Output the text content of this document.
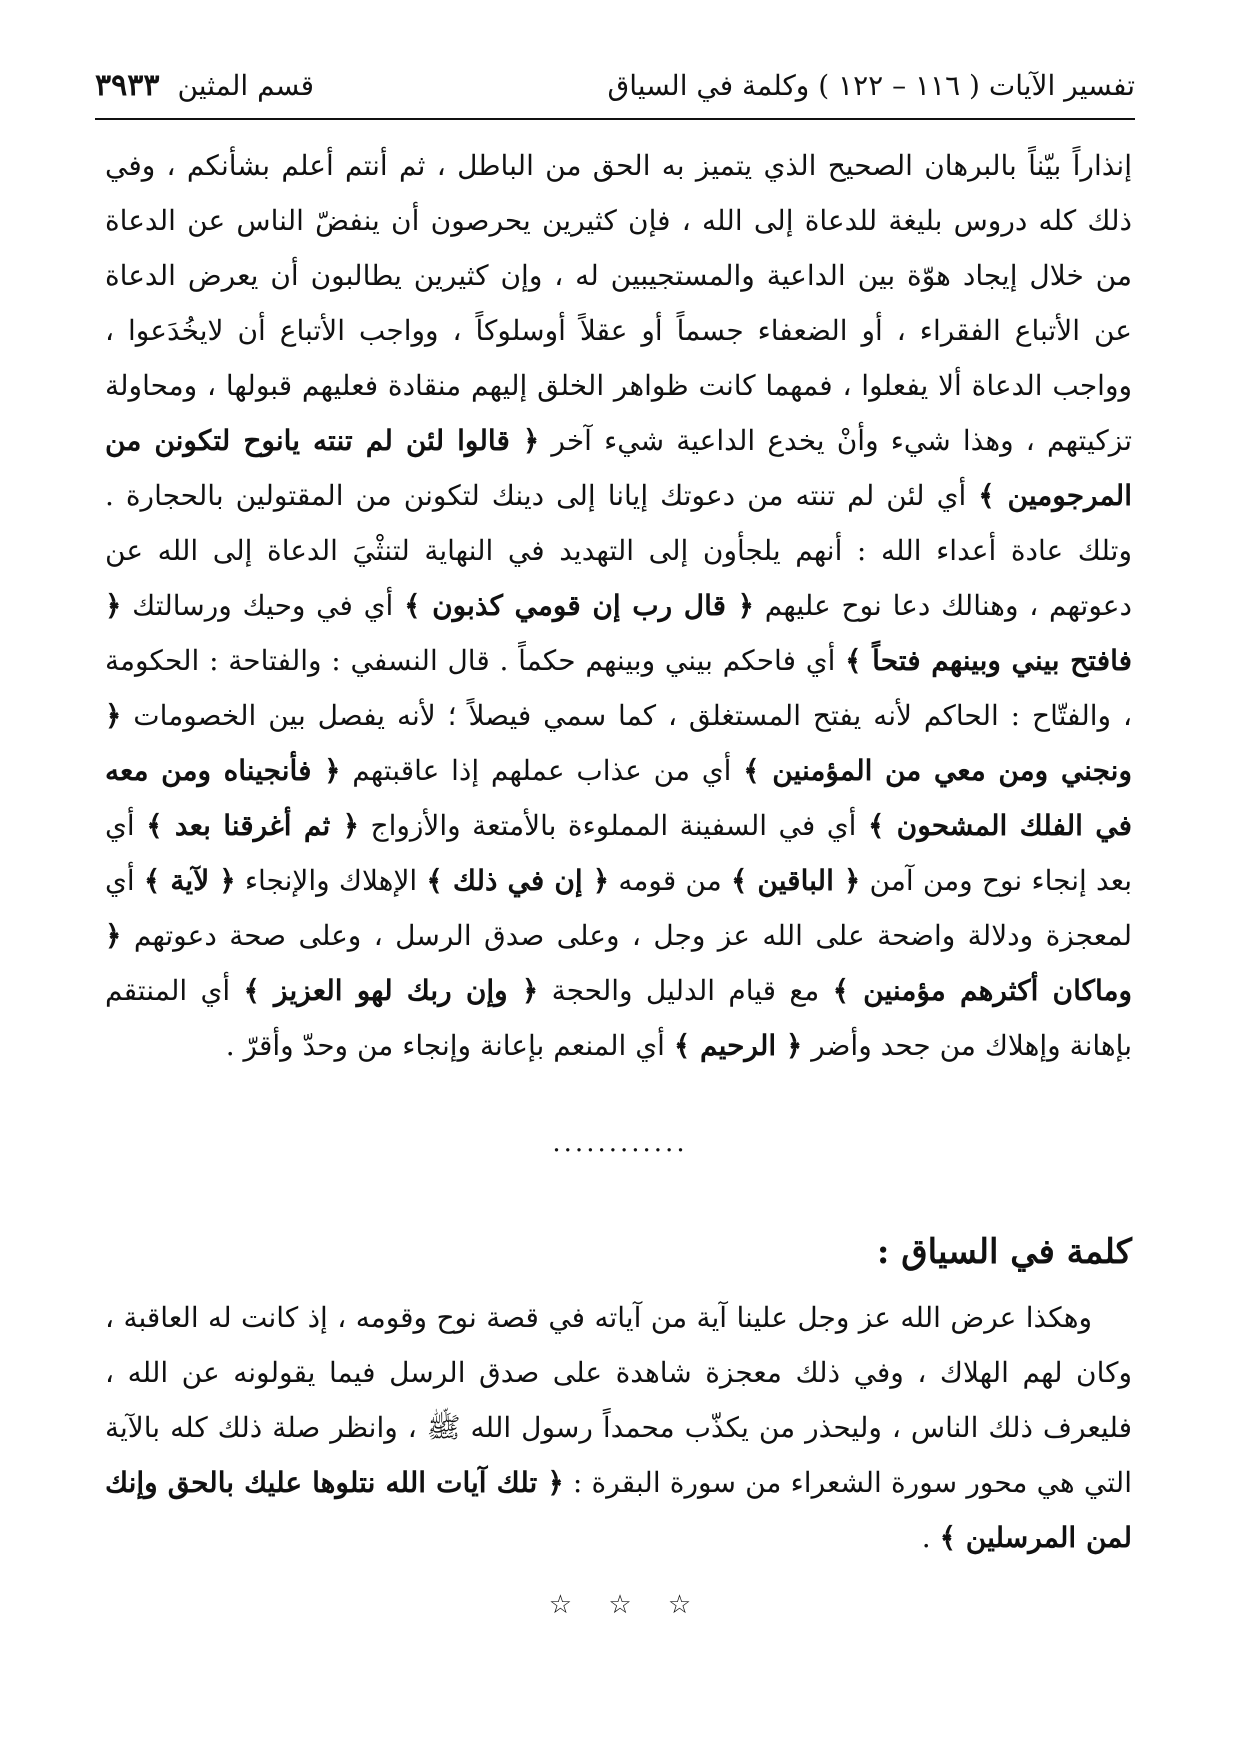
تفسير الآيات ( ١١٦ – ١٢٢ ) وكلمة في السياق
قسم المثين
٣٩٣٣

إنذاراً بيّناً بالبرهان الصحيح الذي يتميز به الحق من الباطل ، ثم أنتم أعلم بشأنكم ، وفي ذلك كله دروس بليغة للدعاة إلى الله ، فإن كثيرين يحرصون أن ينفضّ الناس عن الدعاة من خلال إيجاد هوّة بين الداعية والمستجيبين له ، وإن كثيرين يطالبون أن يعرض الدعاة عن الأتباع الفقراء ، أو الضعفاء جسماً أو عقلاً أوسلوكاً ، وواجب الأتباع أن لايخُدَعوا ، وواجب الدعاة ألا يفعلوا ، فمهما كانت ظواهر الخلق إليهم منقادة فعليهم قبولها ، ومحاولة تزكيتهم ، وهذا شيء وأنْ يخدع الداعية شيء آخر ﴿ قالوا لئن لم تنته يانوح لتكونن من المرجومين ﴾ أي لئن لم تنته من دعوتك إيانا إلى دينك لتكونن من المقتولين بالحجارة . وتلك عادة أعداء الله : أنهم يلجأون إلى التهديد في النهاية لتنثْيَ الدعاة إلى الله عن دعوتهم ، وهنالك دعا نوح عليهم ﴿ قال رب إن قومي كذبون ﴾ أي في وحيك ورسالتك ﴿ فافتح بيني وبينهم فتحاً ﴾ أي فاحكم بيني وبينهم حكماً . قال النسفي : والفتاحة : الحكومة ، والفتّاح : الحاكم لأنه يفتح المستغلق ، كما سمي فيصلاً ؛ لأنه يفصل بين الخصومات ﴿ ونجني ومن معي من المؤمنين ﴾ أي من عذاب عملهم إذا عاقبتهم ﴿ فأنجيناه ومن معه في الفلك المشحون ﴾ أي في السفينة المملوءة بالأمتعة والأزواج ﴿ ثم أغرقنا بعد ﴾ أي بعد إنجاء نوح ومن آمن ﴿ الباقين ﴾ من قومه ﴿ إن في ذلك ﴾ الإهلاك والإنجاء ﴿ لآية ﴾ أي لمعجزة ودلالة واضحة على الله عز وجل ، وعلى صدق الرسل ، وعلى صحة دعوتهم ﴿ وماكان أكثرهم مؤمنين ﴾ مع قيام الدليل والحجة ﴿ وإن ربك لهو العزيز ﴾ أي المنتقم بإهانة وإهلاك من جحد وأضر ﴿ الرحيم ﴾ أي المنعم بإعانة وإنجاء من وحدّ وأقرّ .

............
كلمة في السياق :

وهكذا عرض الله عز وجل علينا آية من آياته في قصة نوح وقومه ، إذ كانت له العاقبة ، وكان لهم الهلاك ، وفي ذلك معجزة شاهدة على صدق الرسل فيما يقولونه عن الله ، فليعرف ذلك الناس ، وليحذر من يكذّب محمداً رسول الله ﷺ ، وانظر صلة ذلك كله بالآية التي هي محور سورة الشعراء من سورة البقرة : ﴿ تلك آيات الله نتلوها عليك بالحق وإنك لمن المرسلين ﴾ .

☆ ☆ ☆
